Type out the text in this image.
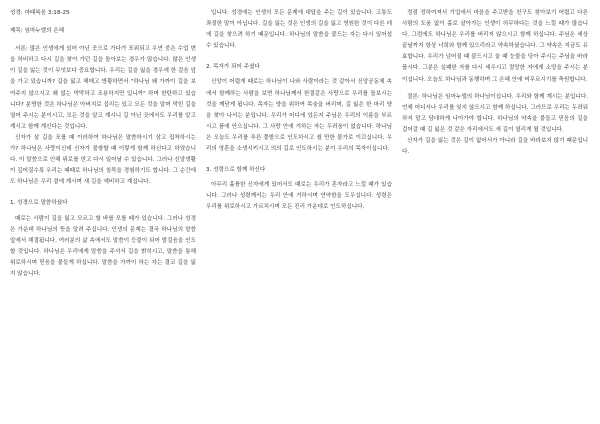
성경: 마태복음 3:18-25

제목: 임마누엘의 은혜

서론: 많은 인생에게 있어 아닌 곳으로 가다가 포위되고 우연 중은 수업 변을 허비하고 다시 길을 찾아 가던 길을 돌아보는 경우가 많습니다. 많은 인생이 길을 잃는 것이 무엇보다 중요합니다. 우리는 길을 잃을 경우에 한 걸음 앞을 가고 있습니까? 길을 잃고 헤매고 방황하면서 "하나님 왜 가까이 길을 보여주지 않으시고 왜 없는 막막하고 조용하지만 입니까" 하며 한탄하고 있습니다? 분명한 것은 하나님은 아버지로 섭리는 있고 모든 것을 알며 막힌 길을 열어 주시는 분이시고, 모든 것을 알고 계시니 길 아닌 곳에서도 우리를 알고 계시고 함께 계신다는 것입니다.

신자가 살 길을 포를 때 이러하여 하나님은 말씀하시기 삼고 집착하시는가? 하나님은 사랑이신데 신자가 불쌍할 때 이렇게 함께 하신다고 하였습니다. 이 말씀으로 인해 위로를 얻고 다시 일어날 수 있습니다. 그러나 신앙생활이 깊어질수록 우리는 때때로 하나님의 침묵을 경험하기도 합니다. 그 순간에도 하나님은 우리 곁에 계시며 새 길을 예비하고 계십니다.

1. 성경으로 말씀하셨다

때로는 사람이 길을 잃고 모르고 할 바를 모를 때가 있습니다. 그러나 성경은 가운데 하나님의 뜻을 알려 주십니다. 인생의 문제는 결국 하나님의 말씀 앞에서 해결됩니다. 여러분의 삶 속에서도 말씀이 등불이 되어 발걸음을 인도할 것입니다. 하나님은 우리에게 말씀을 주셔서 길을 밝히시고, 말씀을 통해 위로하시며 믿음을 붙들게 하십니다. 말씀을 가까이 하는 자는 결코 길을 잃지 않습니다.

입니다. 성경에는 인생의 모든 문제에 대답을 주는 길이 있습니다. 고통도 좌절한 말이 아닙니다. 길을 잃는 것은 인생의 길을 잃고 영원한 것이 다른 데에 길을 찾으려 하기 때문입니다. 하나님의 말씀을 붙드는 자는 다시 일어설 수 있습니다.

2. 목자가 되어 주셨다

신앙이 어렵게 때로는 하나님이 나와 사람이라는 것 같아서 신앙공동체 속에서 함께하는 사람을 보면 하나님께서 한결같은 사랑으로 우리를 돌보시는 것을 깨닫게 됩니다. 목자는 양을 위하여 목숨을 버리며, 길 잃은 한 마리 양을 찾아 나서는 분입니다. 우리가 어디에 있든지 주님은 우리의 이름을 부르시고 품에 안으십니다. 그 사랑 안에 거하는 자는 두려움이 없습니다. 하나님은 오늘도 우리를 푸른 풀밭으로 인도하시고 쉴 만한 물가로 이끄십니다. 우리의 영혼을 소생시키시고 의의 길로 인도하시는 분이 우리의 목자이십니다.

3. 성령으로 함께 하신다

아무리 훌륭한 신자에게 있어서도 때로는 우리가 혼자라고 느낄 때가 있습니다. 그러나 성령께서는 우리 안에 거하시며 연약함을 도우십니다. 성령은 우리를 위로하시고 가르치시며 모든 진리 가운데로 인도하십니다.

정점 정하여져서 기업에서 마음을 주고받을 친구도 찾아보기 어렵고 다른 사람의 도움 없이 홀로 살아가는 인생이 허무하다는 것을 느낄 때가 많습니다. 그럼에도 하나님은 우리를 버리지 않으시고 함께 하십니다. 주님은 세상 끝날까지 항상 너희와 함께 있으리라고 약속하셨습니다. 그 약속은 지금도 유효합니다. 우리가 넘어질 때 붙드시고 울 때 눈물을 닦아 주시는 주님을 바라봅시다. 그분은 실패한 자를 다시 세우시고 절망한 자에게 소망을 주시는 분이십니다. 오늘도 하나님과 동행하며 그 은혜 안에 머무르시기를 축원합니다.

결론: 하나님은 임마누엘의 하나님이십니다. 우리와 함께 계시는 분입니다. 언제 어디서나 우리를 잊지 않으시고 함께 하십니다. 그러므로 우리는 두려워하지 말고 담대하게 나아가야 합니다. 하나님의 약속을 붙들고 믿음의 길을 걸어갈 때 길 잃은 것 같은 자리에서도 새 길이 열리게 될 것입니다.

신자가 길을 잃는 것은 길이 없어서가 아니라 길을 바라보지 않기 때문입니다.
